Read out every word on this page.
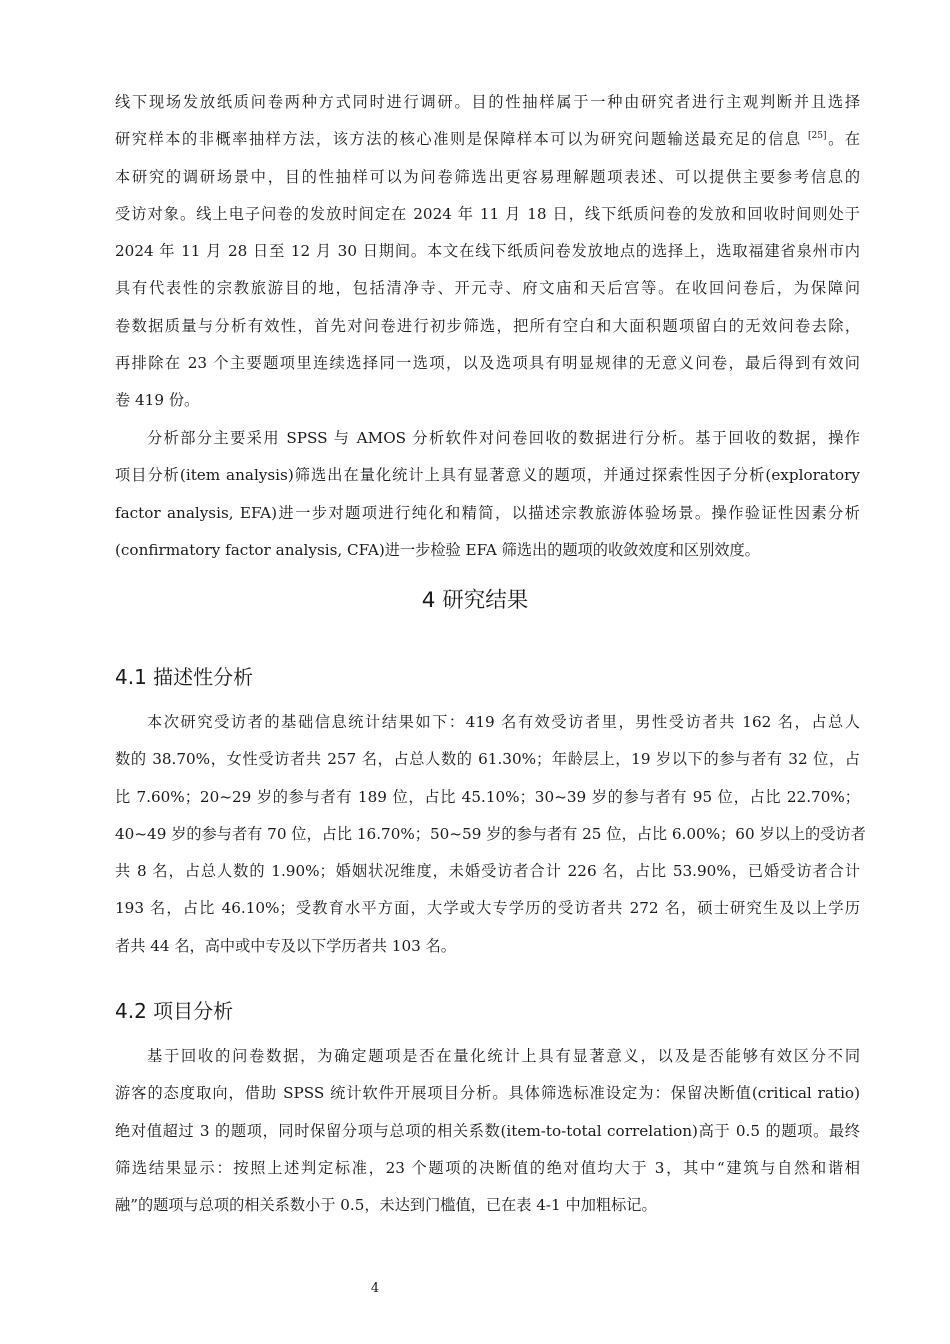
线下现场发放纸质问卷两种方式同时进行调研。目的性抽样属于一种由研究者进行主观判断并且选择
研究样本的非概率抽样方法，该方法的核心准则是保障样本可以为研究问题输送最充足的信息 [25]。在
本研究的调研场景中，目的性抽样可以为问卷筛选出更容易理解题项表述、可以提供主要参考信息的
受访对象。线上电子问卷的发放时间定在 2024 年 11 月 18 日，线下纸质问卷的发放和回收时间则处于
2024 年 11 月 28 日至 12 月 30 日期间。本文在线下纸质问卷发放地点的选择上，选取福建省泉州市内
具有代表性的宗教旅游目的地，包括清净寺、开元寺、府文庙和天后宫等。在收回问卷后，为保障问
卷数据质量与分析有效性，首先对问卷进行初步筛选，把所有空白和大面积题项留白的无效问卷去除，
再排除在 23 个主要题项里连续选择同一选项，以及选项具有明显规律的无意义问卷，最后得到有效问
卷 419 份。
分析部分主要采用 SPSS 与 AMOS 分析软件对问卷回收的数据进行分析。基于回收的数据，操作
项目分析(item analysis)筛选出在量化统计上具有显著意义的题项，并通过探索性因子分析(exploratory
factor analysis, EFA)进一步对题项进行纯化和精简，以描述宗教旅游体验场景。操作验证性因素分析
(confirmatory factor analysis, CFA)进一步检验 EFA 筛选出的题项的收敛效度和区别效度。
4 研究结果
4.1 描述性分析
本次研究受访者的基础信息统计结果如下：419 名有效受访者里，男性受访者共 162 名，占总人
数的 38.70%，女性受访者共 257 名，占总人数的 61.30%；年龄层上，19 岁以下的参与者有 32 位，占
比 7.60%；20~29 岁的参与者有 189 位，占比 45.10%；30~39 岁的参与者有 95 位，占比 22.70%；
40~49 岁的参与者有 70 位，占比 16.70%；50~59 岁的参与者有 25 位，占比 6.00%；60 岁以上的受访者
共 8 名，占总人数的 1.90%；婚姻状况维度，未婚受访者合计 226 名，占比 53.90%，已婚受访者合计
193 名，占比 46.10%；受教育水平方面，大学或大专学历的受访者共 272 名，硕士研究生及以上学历
者共 44 名，高中或中专及以下学历者共 103 名。
4.2 项目分析
基于回收的问卷数据，为确定题项是否在量化统计上具有显著意义，以及是否能够有效区分不同
游客的态度取向，借助 SPSS 统计软件开展项目分析。具体筛选标准设定为：保留决断值(critical ratio)
绝对值超过 3 的题项，同时保留分项与总项的相关系数(item-to-total correlation)高于 0.5 的题项。最终
筛选结果显示：按照上述判定标准，23 个题项的决断值的绝对值均大于 3，其中“建筑与自然和谐相
融”的题项与总项的相关系数小于 0.5，未达到门槛值，已在表 4-1 中加粗标记。
4
